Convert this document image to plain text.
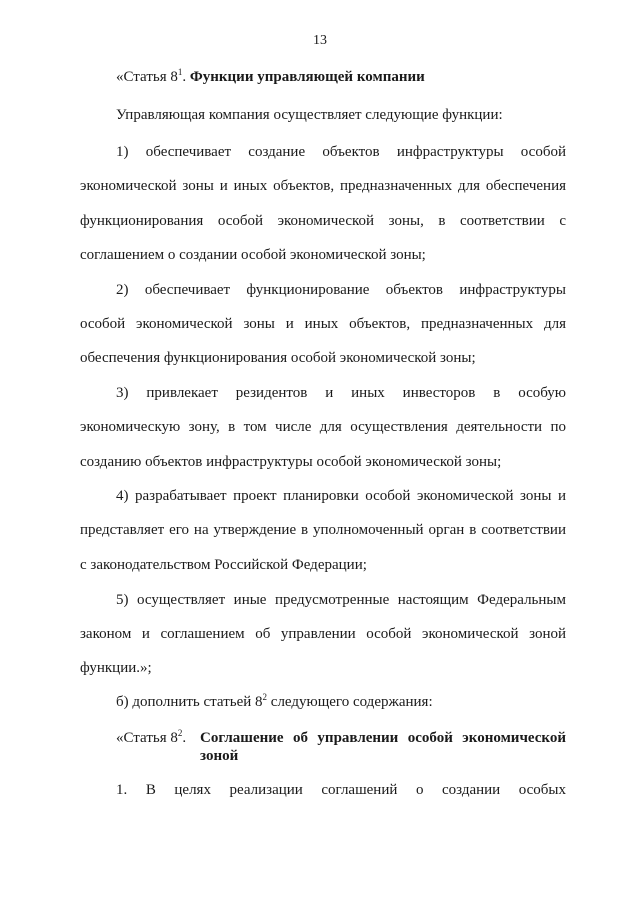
13
«Статья $8^1$. Функции управляющей компании
Управляющая компания осуществляет следующие функции:
1) обеспечивает создание объектов инфраструктуры особой
экономической зоны и иных объектов, предназначенных для обеспечения
функционирования особой экономической зоны, в соответствии с
соглашением о создании особой экономической зоны;
2) обеспечивает функционирование объектов инфраструктуры
особой экономической зоны и иных объектов, предназначенных для
обеспечения функционирования особой экономической зоны;
3) привлекает резидентов и иных инвесторов в особую
экономическую зону, в том числе для осуществления деятельности по
созданию объектов инфраструктуры особой экономической зоны;
4) разрабатывает проект планировки особой экономической зоны и
представляет его на утверждение в уполномоченный орган в соответствии
с законодательством Российской Федерации;
5) осуществляет иные предусмотренные настоящим Федеральным
законом и соглашением об управлении особой экономической зоной
функции.»;
б) дополнить статьей $8^2$ следующего содержания:
«Статья $8^2$. Соглашение об управлении особой экономической
зоной
1. В целях реализации соглашений о создании особых
